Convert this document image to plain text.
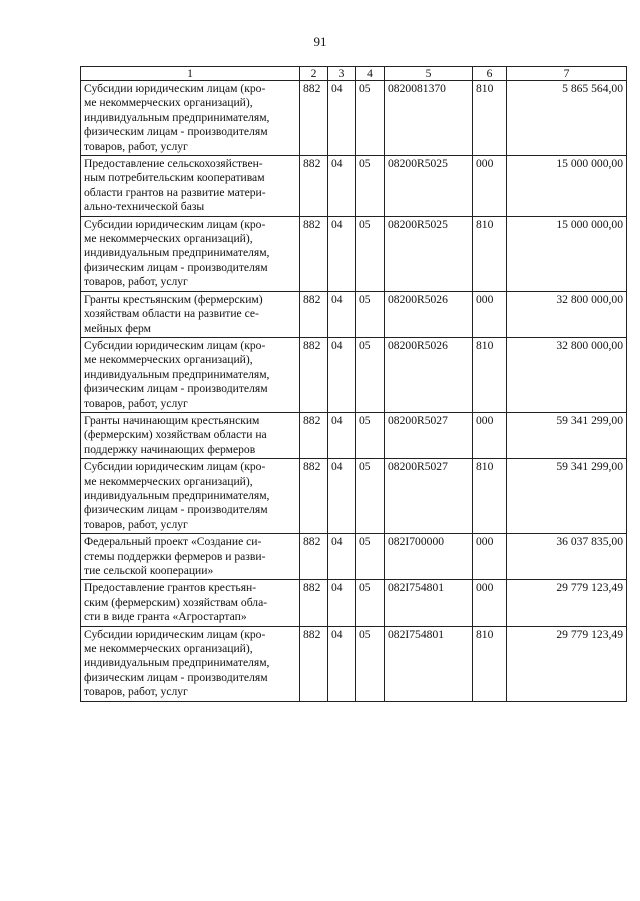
91
1	2	3	4	5	6	7
Субсидии юридическим лицам (кро-
ме некоммерческих организаций),
индивидуальным предпринимателям,
физическим лицам - производителям
товаров, работ, услуг	882	04	05	0820081370	810	5 865 564,00
Предоставление сельскохозяйствен-
ным потребительским кооперативам
области грантов на развитие матери-
ально-технической базы	882	04	05	08200R5025	000	15 000 000,00
Субсидии юридическим лицам (кро-
ме некоммерческих организаций),
индивидуальным предпринимателям,
физическим лицам - производителям
товаров, работ, услуг	882	04	05	08200R5025	810	15 000 000,00
Гранты крестьянским (фермерским)
хозяйствам области на развитие се-
мейных ферм	882	04	05	08200R5026	000	32 800 000,00
Субсидии юридическим лицам (кро-
ме некоммерческих организаций),
индивидуальным предпринимателям,
физическим лицам - производителям
товаров, работ, услуг	882	04	05	08200R5026	810	32 800 000,00
Гранты начинающим крестьянским
(фермерским) хозяйствам области на
поддержку начинающих фермеров	882	04	05	08200R5027	000	59 341 299,00
Субсидии юридическим лицам (кро-
ме некоммерческих организаций),
индивидуальным предпринимателям,
физическим лицам - производителям
товаров, работ, услуг	882	04	05	08200R5027	810	59 341 299,00
Федеральный проект «Создание си-
стемы поддержки фермеров и разви-
тие сельской кооперации»	882	04	05	082I700000	000	36 037 835,00
Предоставление грантов крестьян-
ским (фермерским) хозяйствам обла-
сти в виде гранта «Агростартап»	882	04	05	082I754801	000	29 779 123,49
Субсидии юридическим лицам (кро-
ме некоммерческих организаций),
индивидуальным предпринимателям,
физическим лицам - производителям
товаров, работ, услуг	882	04	05	082I754801	810	29 779 123,49
